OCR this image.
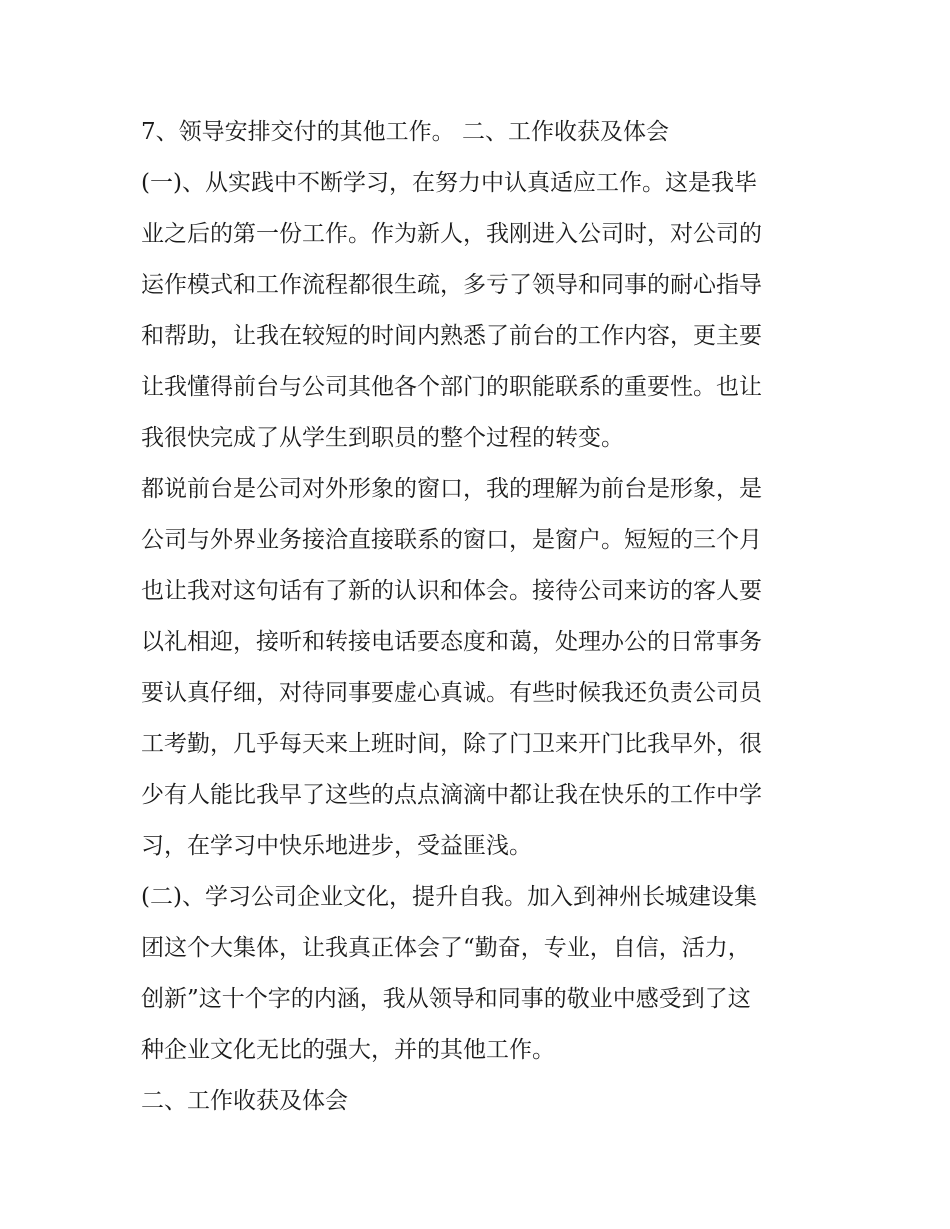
7、领导安排交付的其他工作。 二、工作收获及体会
(一)、从实践中不断学习，在努力中认真适应工作。这是我毕
业之后的第一份工作。作为新人，我刚进入公司时，对公司的
运作模式和工作流程都很生疏，多亏了领导和同事的耐心指导
和帮助，让我在较短的时间内熟悉了前台的工作内容，更主要
让我懂得前台与公司其他各个部门的职能联系的重要性。也让
我很快完成了从学生到职员的整个过程的转变。
都说前台是公司对外形象的窗口，我的理解为前台是形象，是
公司与外界业务接洽直接联系的窗口，是窗户。短短的三个月
也让我对这句话有了新的认识和体会。接待公司来访的客人要
以礼相迎，接听和转接电话要态度和蔼，处理办公的日常事务
要认真仔细，对待同事要虚心真诚。有些时候我还负责公司员
工考勤，几乎每天来上班时间，除了门卫来开门比我早外，很
少有人能比我早了这些的点点滴滴中都让我在快乐的工作中学
习，在学习中快乐地进步，受益匪浅。
(二)、学习公司企业文化，提升自我。加入到神州长城建设集
团这个大集体，让我真正体会了“勤奋，专业，自信，活力，
创新”这十个字的内涵，我从领导和同事的敬业中感受到了这
种企业文化无比的强大，并的其他工作。
二、工作收获及体会
